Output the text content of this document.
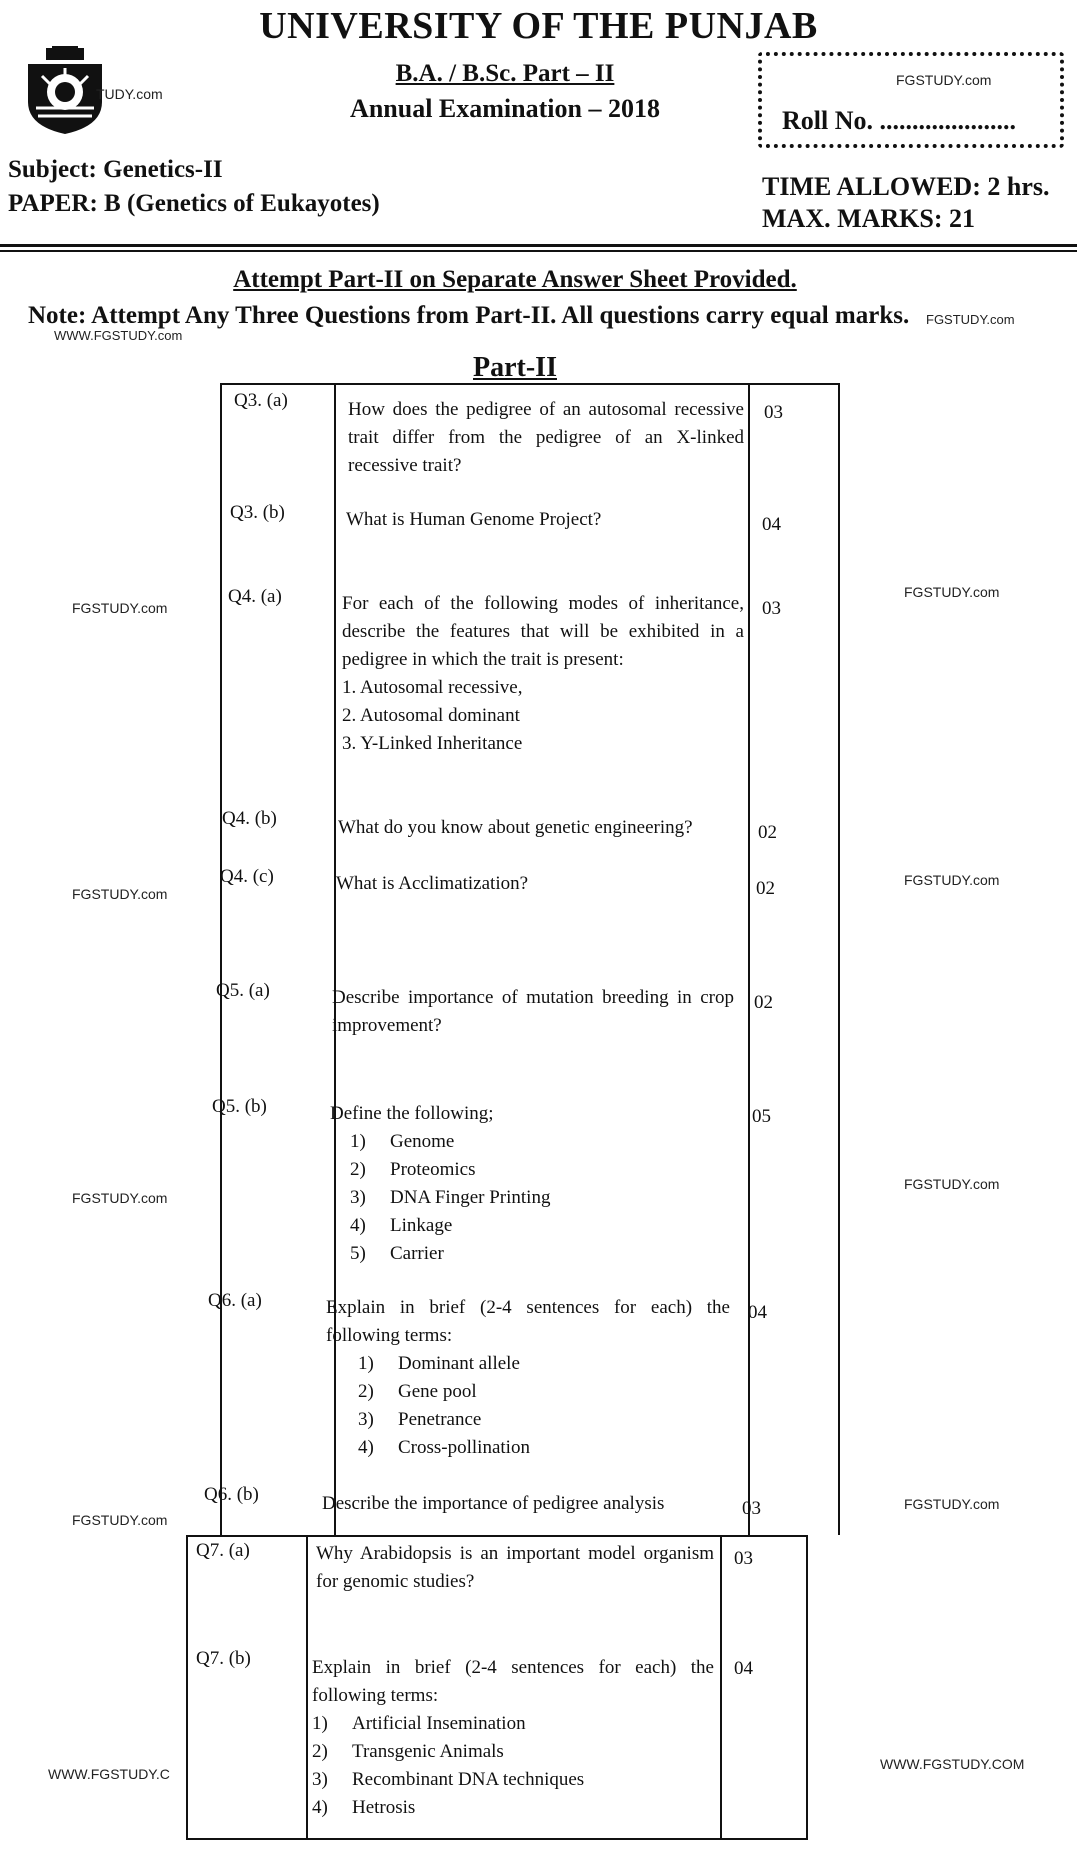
UNIVERSITY OF THE PUNJAB
TUDY.com
B.A. / B.Sc. Part – II
Annual Examination – 2018
FGSTUDY.com
Roll No. .....................
Subject: Genetics-II
PAPER: B (Genetics of Eukayotes)
TIME ALLOWED: 2 hrs.
MAX. MARKS: 21
Attempt Part-II on Separate Answer Sheet Provided.
Note: Attempt Any Three Questions from Part-II. All questions carry equal marks.
WWW.FGSTUDY.com
FGSTUDY.com
Part-II
FGSTUDY.com
FGSTUDY.com
FGSTUDY.com
FGSTUDY.com
FGSTUDY.com
FGSTUDY.com
FGSTUDY.com
FGSTUDY.com
WWW.FGSTUDY.C
WWW.FGSTUDY.COM
Q3. (a)	How does the pedigree of an autosomal recessive trait differ from the pedigree of an X-linked recessive trait?
03
Q3. (b)	What is Human Genome Project?	04
Q4. (a)	For each of the following modes of inheritance, describe the features that will be exhibited in a pedigree in which the trait is present:
1. Autosomal recessive,
2. Autosomal dominant
3. Y-Linked Inheritance
03
Q4. (b)	What do you know about genetic engineering?	02
Q4. (c)	What is Acclimatization?	02
Q5. (a)	Describe importance of mutation breeding in crop improvement?
02
Q5. (b)	Define the following;
1) Genome
2) Proteomics
3) DNA Finger Printing
4) Linkage
5) Carrier
05
Q6. (a)	Explain in brief (2-4 sentences for each) the following terms:
1) Dominant allele
2) Gene pool
3) Penetrance
4) Cross-pollination
04
Q6. (b)	Describe the importance of pedigree analysis	03
Q7. (a)	Why Arabidopsis is an important model organism for genomic studies?
03
Q7. (b)	Explain in brief (2-4 sentences for each) the following terms:
1) Artificial Insemination
2) Transgenic Animals
3) Recombinant DNA techniques
4) Hetrosis
04
